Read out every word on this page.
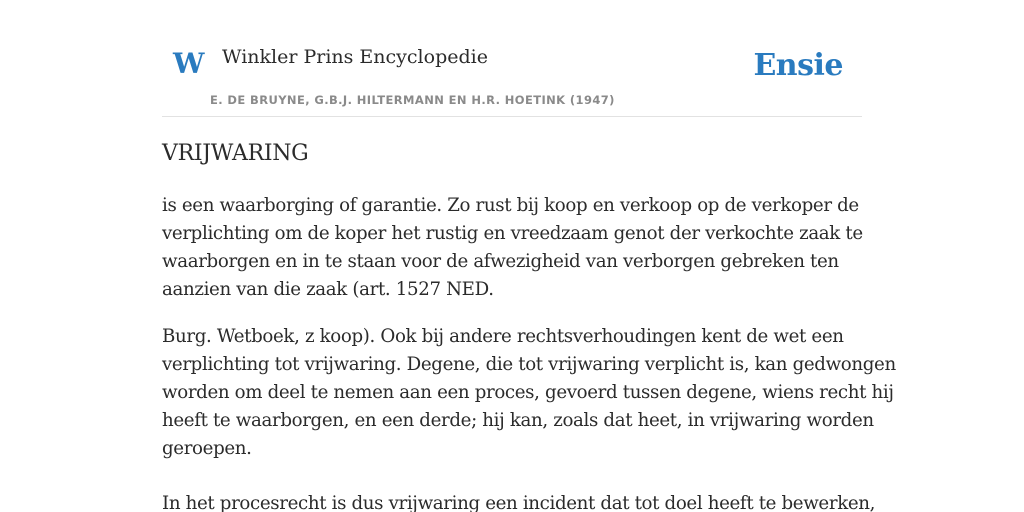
W Winkler Prins Encyclopedie
E. DE BRUYNE, G.B.J. HILTERMANN EN H.R. HOETINK (1947)
Ensie
VRIJWARING

is een waarborging of garantie. Zo rust bij koop en verkoop op de verkoper de
verplichting om de koper het rustig en vreedzaam genot der verkochte zaak te
waarborgen en in te staan voor de afwezigheid van verborgen gebreken ten
aanzien van die zaak (art. 1527 NED.

Burg. Wetboek, z koop). Ook bij andere rechtsverhoudingen kent de wet een
verplichting tot vrijwaring. Degene, die tot vrijwaring verplicht is, kan gedwongen
worden om deel te nemen aan een proces, gevoerd tussen degene, wiens recht hij
heeft te waarborgen, en een derde; hij kan, zoals dat heet, in vrijwaring worden
geroepen.

In het procesrecht is dus vrijwaring een incident dat tot doel heeft te bewerken,
